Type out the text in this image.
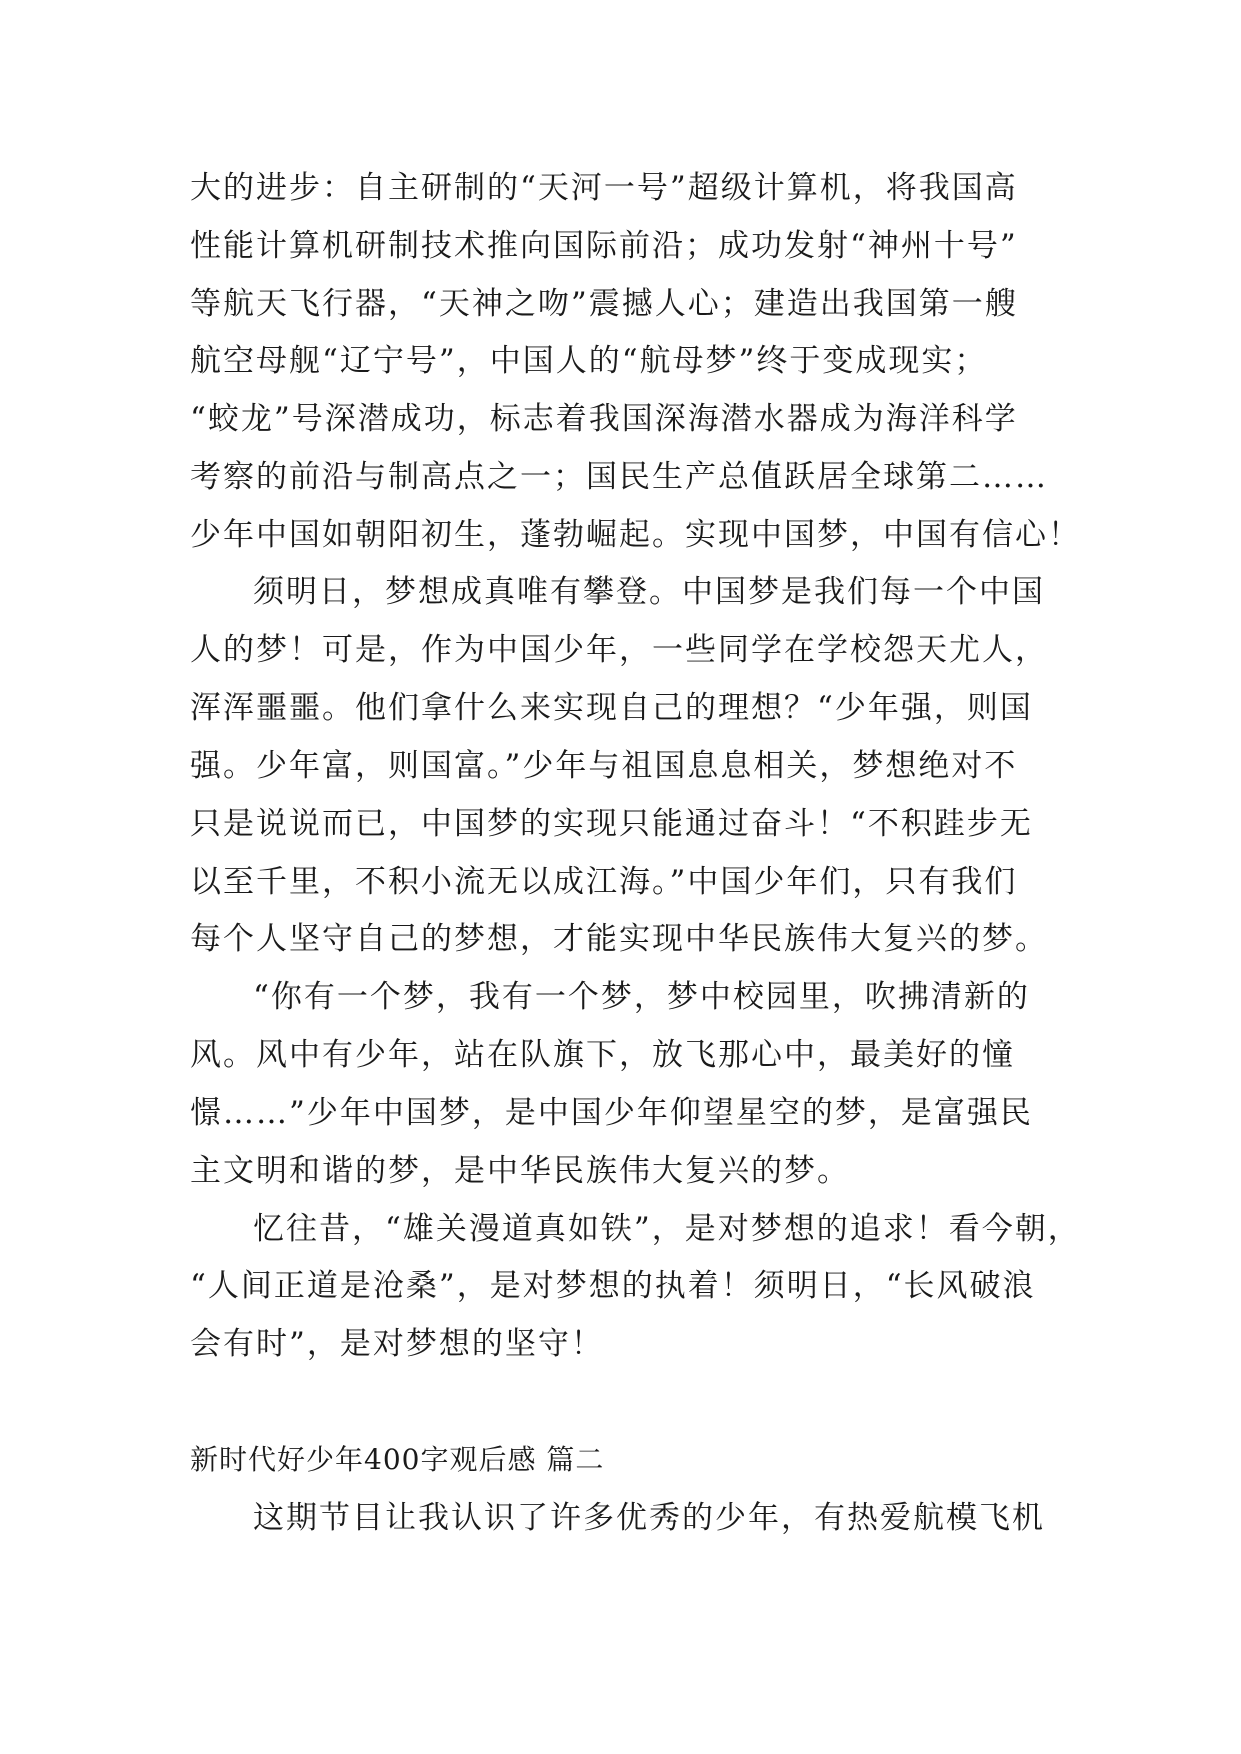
大的进步：自主研制的“天河一号”超级计算机，将我国高
性能计算机研制技术推向国际前沿；成功发射“神州十号”
等航天飞行器，“天神之吻”震撼人心；建造出我国第一艘
航空母舰“辽宁号”，中国人的“航母梦”终于变成现实；
“蛟龙”号深潜成功，标志着我国深海潜水器成为海洋科学
考察的前沿与制高点之一；国民生产总值跃居全球第二……
少年中国如朝阳初生，蓬勃崛起。实现中国梦，中国有信心！
须明日，梦想成真唯有攀登。中国梦是我们每一个中国
人的梦！可是，作为中国少年，一些同学在学校怨天尤人，
浑浑噩噩。他们拿什么来实现自己的理想？“少年强，则国
强。少年富，则国富。”少年与祖国息息相关，梦想绝对不
只是说说而已，中国梦的实现只能通过奋斗！“不积跬步无
以至千里，不积小流无以成江海。”中国少年们，只有我们
每个人坚守自己的梦想，才能实现中华民族伟大复兴的梦。
“你有一个梦，我有一个梦，梦中校园里，吹拂清新的
风。风中有少年，站在队旗下，放飞那心中，最美好的憧
憬……”少年中国梦，是中国少年仰望星空的梦，是富强民
主文明和谐的梦，是中华民族伟大复兴的梦。
忆往昔，“雄关漫道真如铁”，是对梦想的追求！看今朝，
“人间正道是沧桑”，是对梦想的执着！须明日，“长风破浪
会有时”，是对梦想的坚守！
新时代好少年400字观后感 篇二
这期节目让我认识了许多优秀的少年，有热爱航模飞机
